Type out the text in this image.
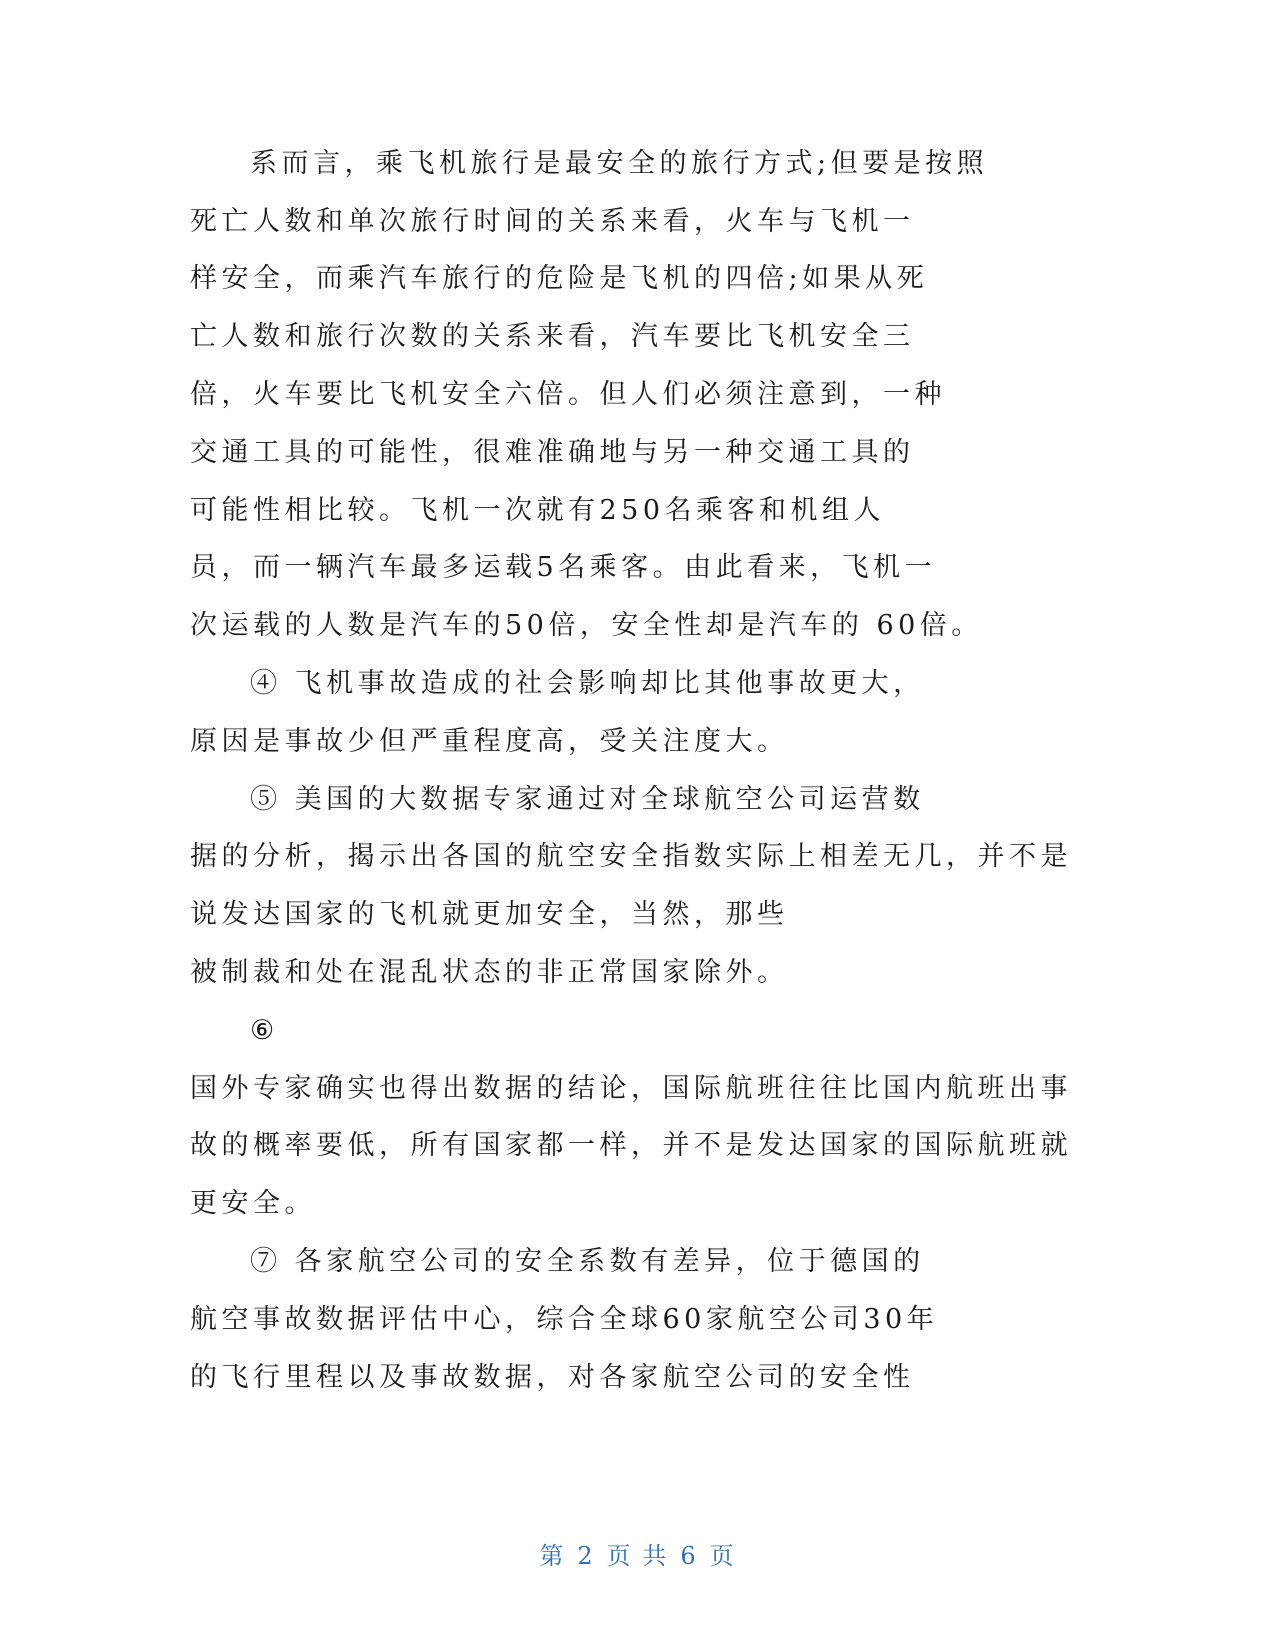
系而言，乘飞机旅行是最安全的旅行方式;但要是按照
死亡人数和单次旅行时间的关系来看，火车与飞机一
样安全，而乘汽车旅行的危险是飞机的四倍;如果从死
亡人数和旅行次数的关系来看，汽车要比飞机安全三
倍，火车要比飞机安全六倍。但人们必须注意到，一种
交通工具的可能性，很难准确地与另一种交通工具的
可能性相比较。飞机一次就有250名乘客和机组人
员，而一辆汽车最多运载5名乘客。由此看来，飞机一
次运载的人数是汽车的50倍，安全性却是汽车的 60倍。
④ 飞机事故造成的社会影响却比其他事故更大，
原因是事故少但严重程度高，受关注度大。
⑤ 美国的大数据专家通过对全球航空公司运营数
据的分析，揭示出各国的航空安全指数实际上相差无几，并不是
说发达国家的飞机就更加安全，当然，那些
被制裁和处在混乱状态的非正常国家除外。
⑥
国外专家确实也得出数据的结论，国际航班往往比国内航班出事
故的概率要低，所有国家都一样，并不是发达国家的国际航班就
更安全。
⑦ 各家航空公司的安全系数有差异，位于德国的
航空事故数据评估中心，综合全球60家航空公司30年
的飞行里程以及事故数据，对各家航空公司的安全性
第 2 页 共 6 页
